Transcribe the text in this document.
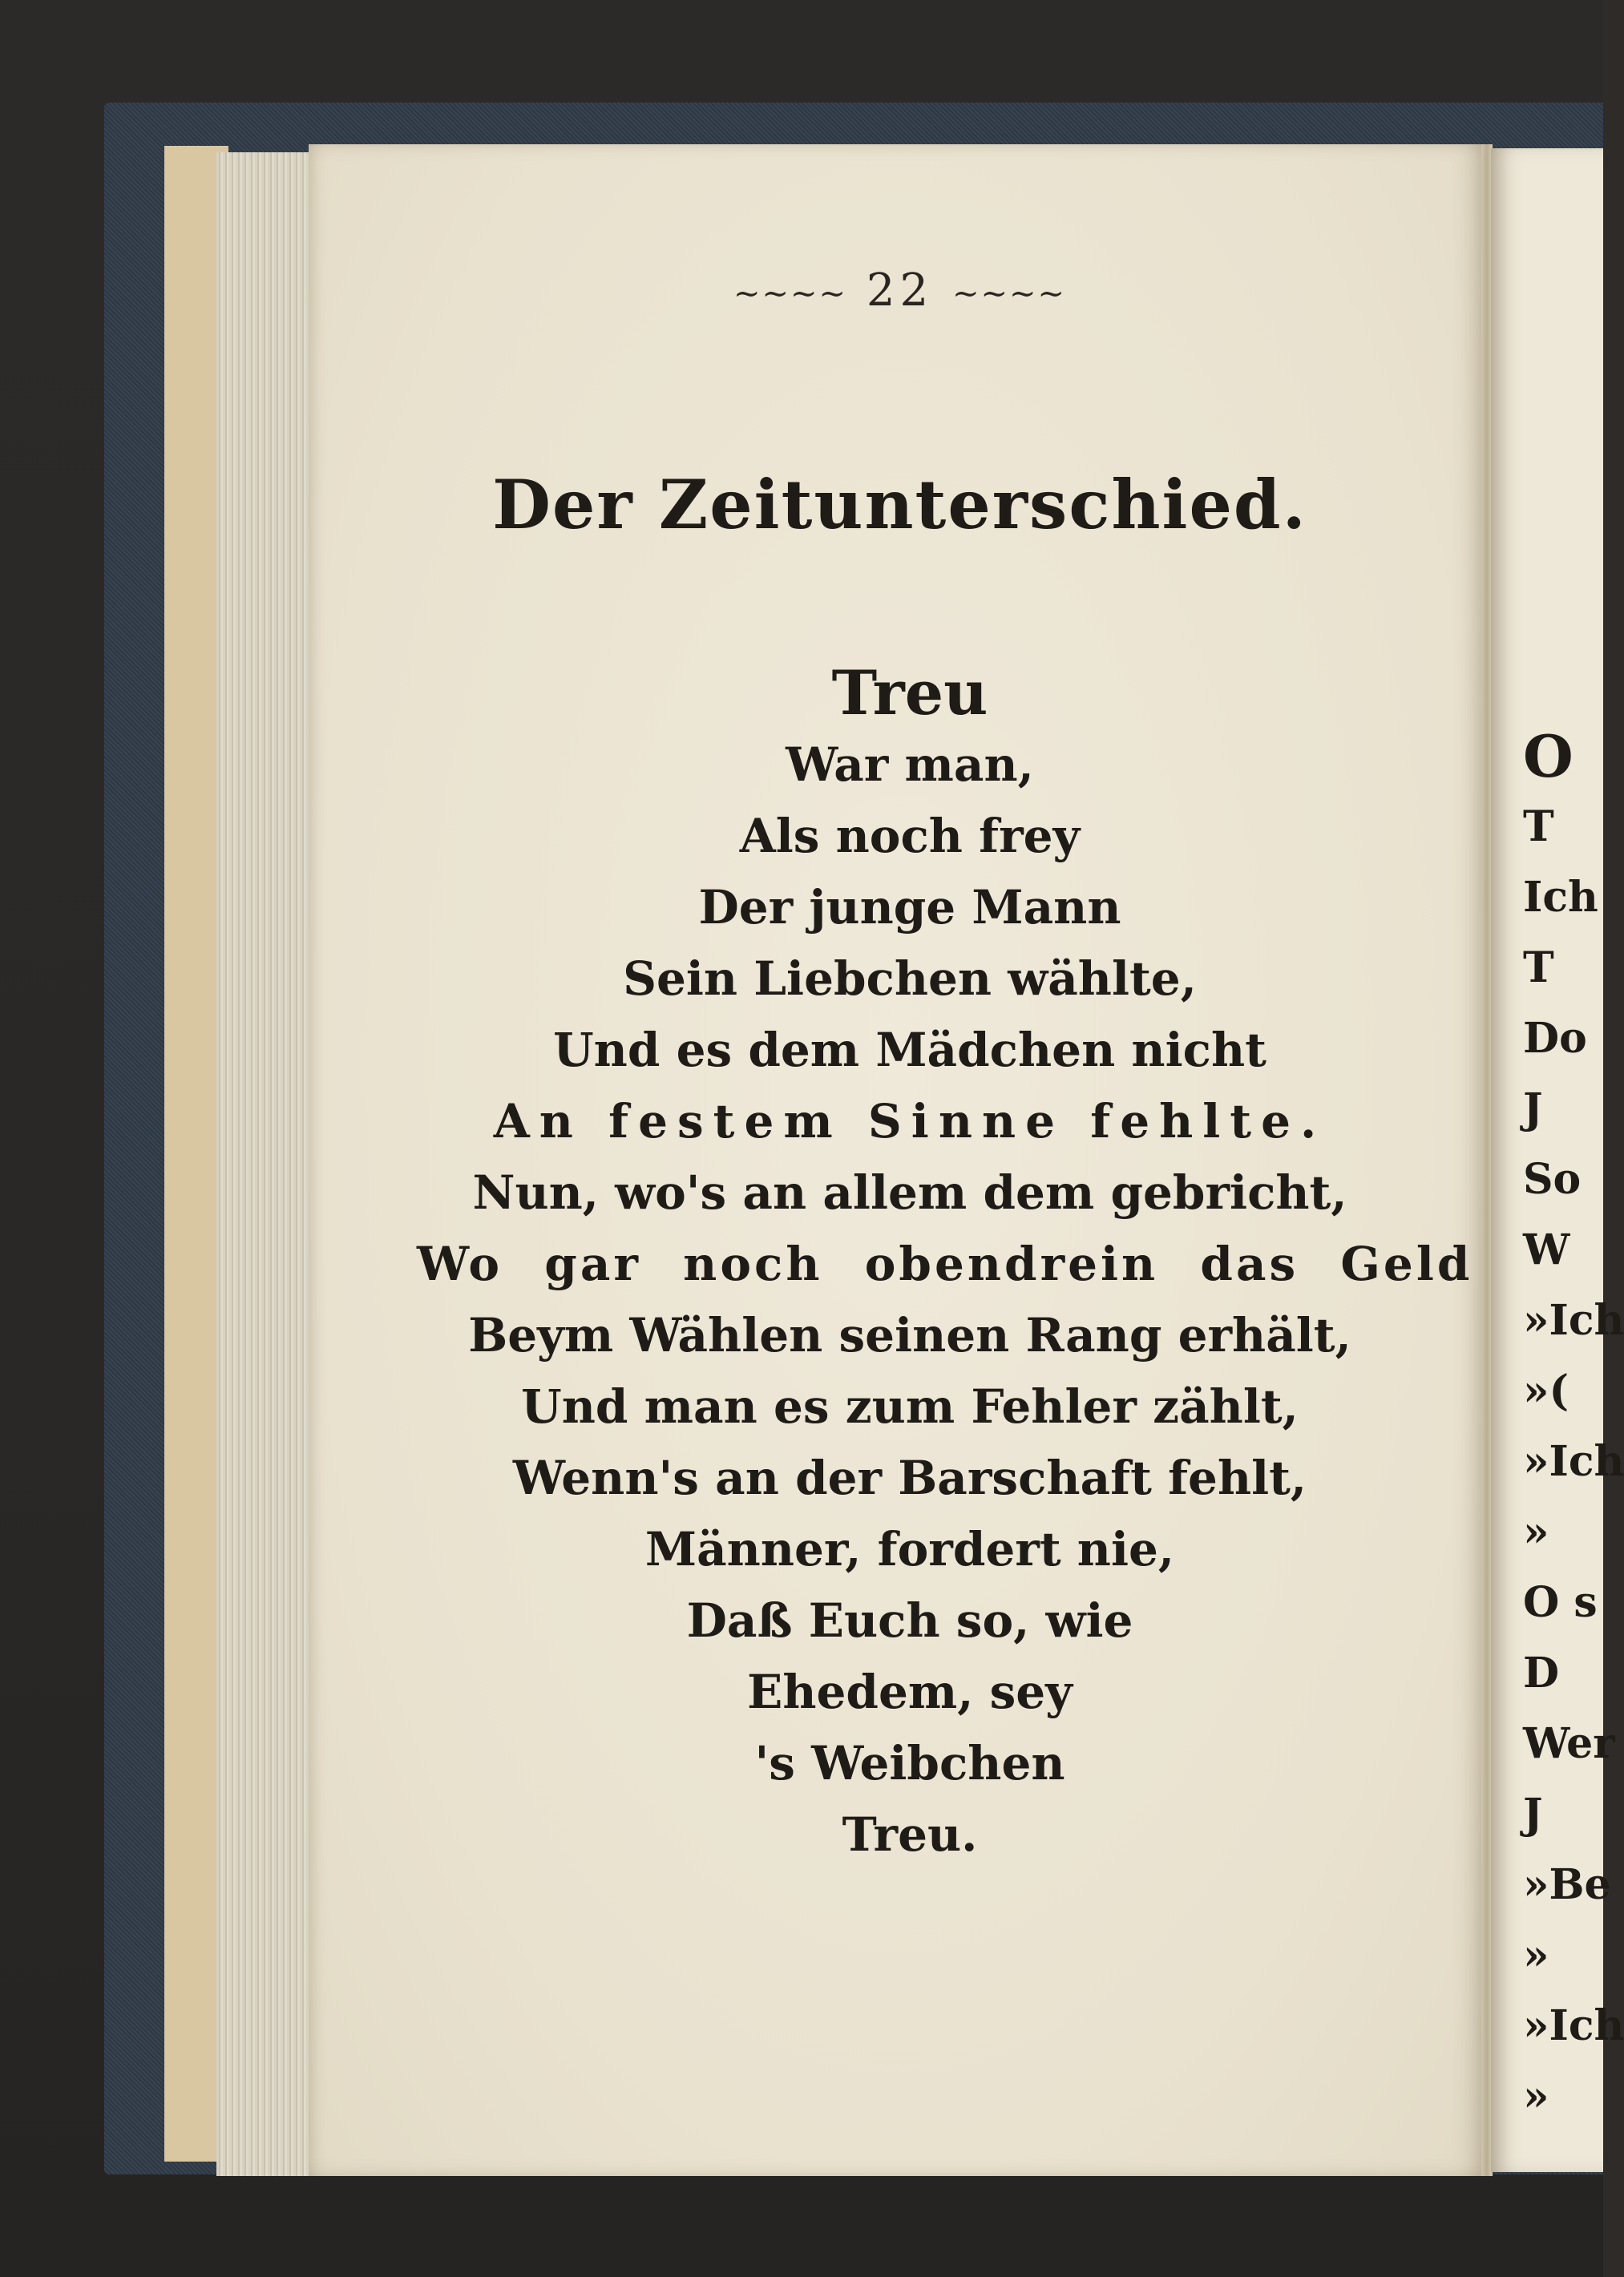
~~~~ 22 ~~~~
Der Zeitunterschied.
Treu
War man,
Als noch frey
Der junge Mann
Sein Liebchen wählte,
Und es dem Mädchen nicht
An festem Sinne fehlte.
Nun, wo's an allem dem gebricht,
Wo gar noch obendrein das Geld
Beym Wählen seinen Rang erhält,
Und man es zum Fehler zählt,
Wenn's an der Barschaft fehlt,
Männer, fordert nie,
Daß Euch so, wie
Ehedem, sey
's Weibchen
Treu.
O
T
Ich
T
Do
J
So
W
»Ich
»(
»Ich
»
O s
D
Wer
J
»Be
»
»Ich
»
